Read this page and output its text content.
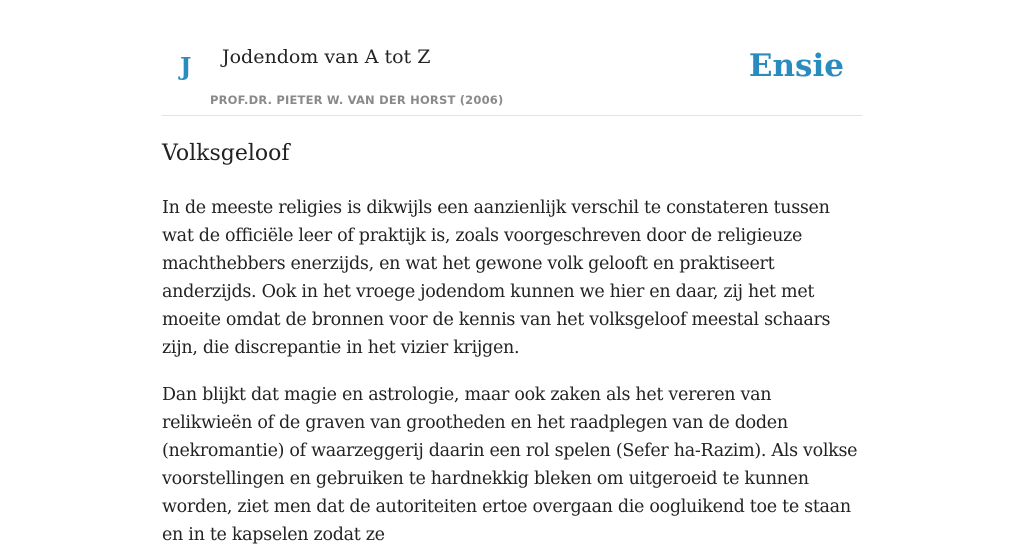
J Jodendom van A tot Z
PROF.DR. PIETER W. VAN DER HORST (2006)
Ensie
Volksgeloof

In de meeste religies is dikwijls een aanzienlijk verschil te constateren tussen wat de officiële leer of praktijk is, zoals voorgeschreven door de religieuze machthebbers enerzijds, en wat het gewone volk gelooft en praktiseert anderzijds. Ook in het vroege jodendom kunnen we hier en daar, zij het met moeite omdat de bronnen voor de kennis van het volksgeloof meestal schaars zijn, die discrepantie in het vizier krijgen.

Dan blijkt dat magie en astrologie, maar ook zaken als het vereren van relikwieën of de graven van grootheden en het raadplegen van de doden (nekromantie) of waarzeggerij daarin een rol spelen (Sefer ha-Razim). Als volkse voorstellingen en gebruiken te hardnekkig bleken om uitgeroeid te kunnen worden, ziet men dat de autoriteiten ertoe overgaan die oogluikend toe te staan en in te kapselen zodat ze
